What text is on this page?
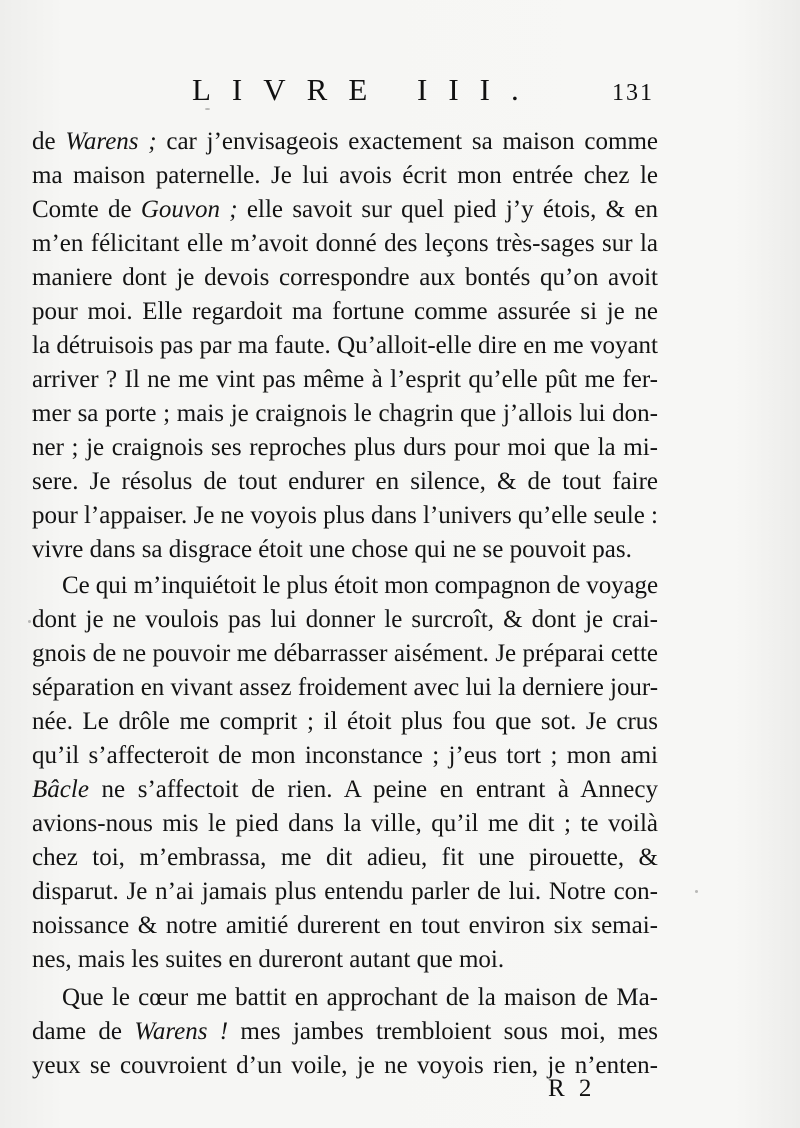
LIVRE III.	131
de Warens ; car j’envisageois exactement sa maison comme
ma maison paternelle. Je lui avois écrit mon entrée chez le
Comte de Gouvon ; elle savoit sur quel pied j’y étois, & en
m’en félicitant elle m’avoit donné des leçons très-sages sur la
maniere dont je devois correspondre aux bontés qu’on avoit
pour moi. Elle regardoit ma fortune comme assurée si je ne
la détruisois pas par ma faute. Qu’alloit-elle dire en me voyant
arriver ? Il ne me vint pas même à l’esprit qu’elle pût me fer-
mer sa porte ; mais je craignois le chagrin que j’allois lui don-
ner ; je craignois ses reproches plus durs pour moi que la mi-
sere. Je résolus de tout endurer en silence, & de tout faire
pour l’appaiser. Je ne voyois plus dans l’univers qu’elle seule :
vivre dans sa disgrace étoit une chose qui ne se pouvoit pas.
Ce qui m’inquiétoit le plus étoit mon compagnon de voyage
dont je ne voulois pas lui donner le surcroît, & dont je crai-
gnois de ne pouvoir me débarrasser aisément. Je préparai cette
séparation en vivant assez froidement avec lui la derniere jour-
née. Le drôle me comprit ; il étoit plus fou que sot. Je crus
qu’il s’affecteroit de mon inconstance ; j’eus tort ; mon ami
Bâcle ne s’affectoit de rien. A peine en entrant à Annecy
avions-nous mis le pied dans la ville, qu’il me dit ; te voilà
chez toi, m’embrassa, me dit adieu, fit une pirouette, &
disparut. Je n’ai jamais plus entendu parler de lui. Notre con-
noissance & notre amitié durerent en tout environ six semai-
nes, mais les suites en dureront autant que moi.
Que le cœur me battit en approchant de la maison de Ma-
dame de Warens ! mes jambes trembloient sous moi, mes
yeux se couvroient d’un voile, je ne voyois rien, je n’enten-
R 2
